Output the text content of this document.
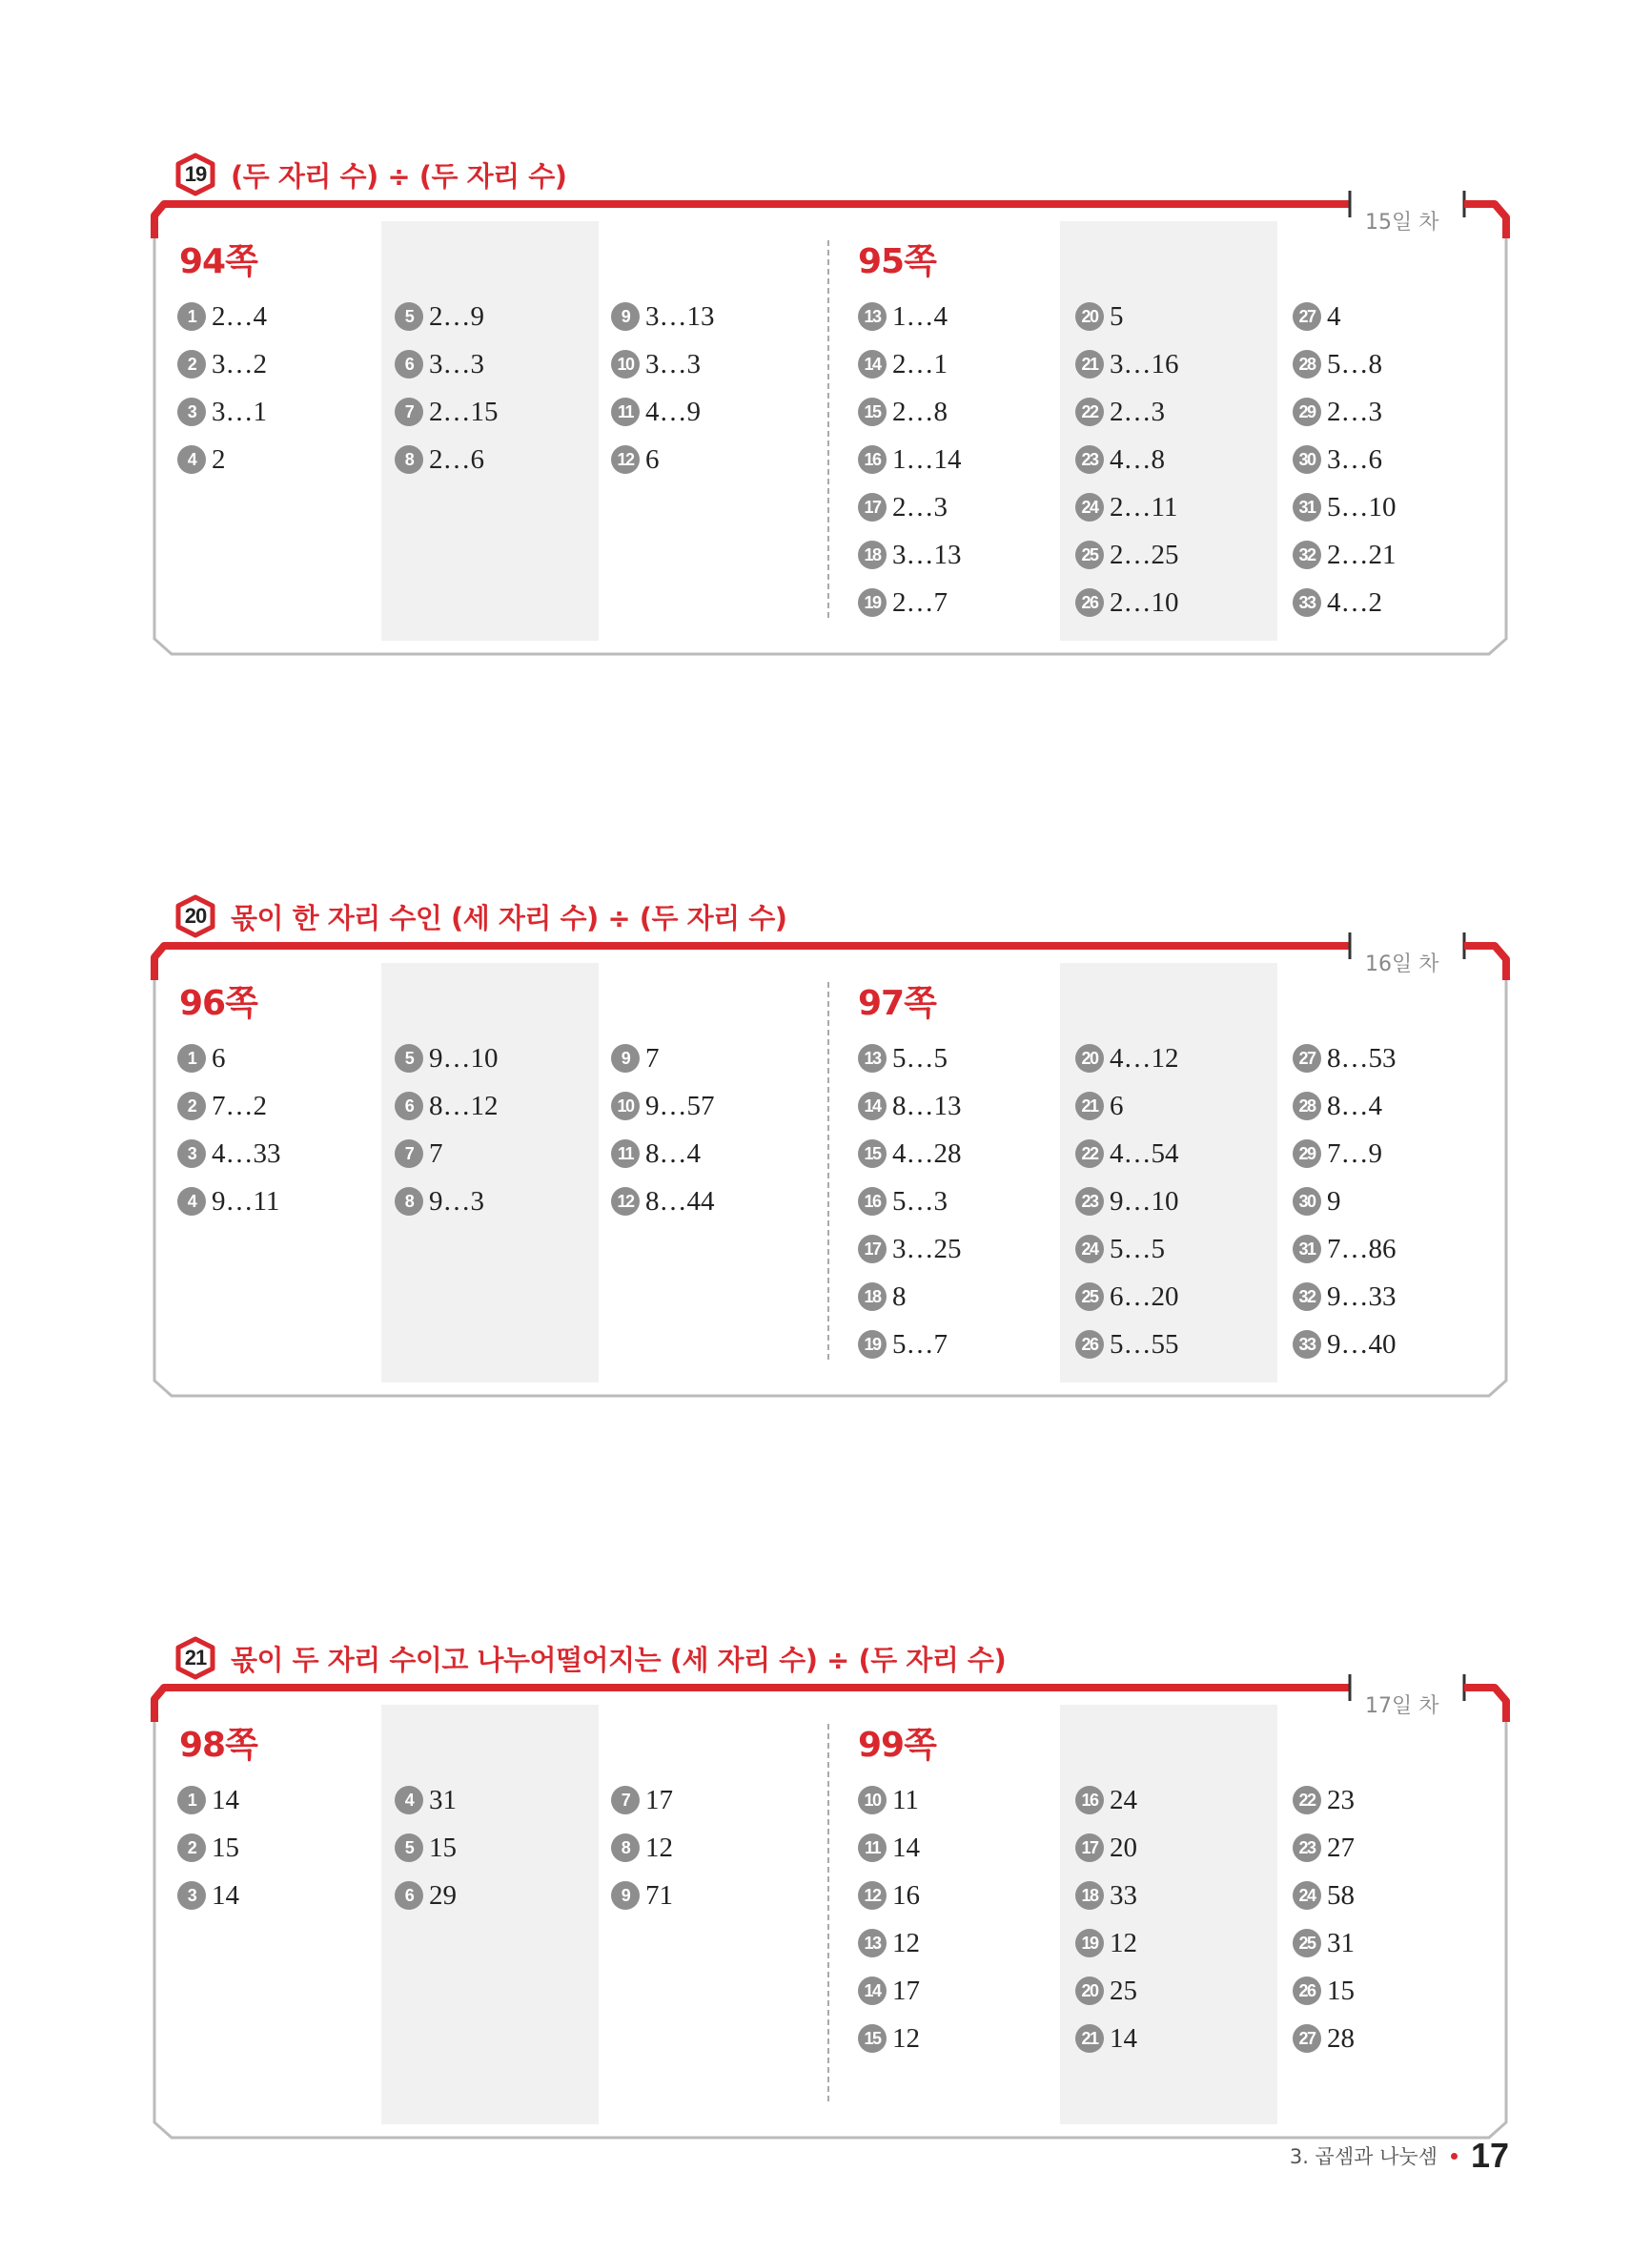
19 (두 자리 수) ÷ (두 자리 수)
15일 차
94쪽
1 2…4
2 3…2
3 3…1
4 2
5 2…9
6 3…3
7 2…15
8 2…6
9 3…13
10 3…3
11 4…9
12 6
95쪽
13 1…4
14 2…1
15 2…8
16 1…14
17 2…3
18 3…13
19 2…7
20 5
21 3…16
22 2…3
23 4…8
24 2…11
25 2…25
26 2…10
27 4
28 5…8
29 2…3
30 3…6
31 5…10
32 2…21
33 4…2
20 몫이 한 자리 수인 (세 자리 수) ÷ (두 자리 수)
16일 차
96쪽
1 6
2 7…2
3 4…33
4 9…11
5 9…10
6 8…12
7 7
8 9…3
9 7
10 9…57
11 8…4
12 8…44
97쪽
13 5…5
14 8…13
15 4…28
16 5…3
17 3…25
18 8
19 5…7
20 4…12
21 6
22 4…54
23 9…10
24 5…5
25 6…20
26 5…55
27 8…53
28 8…4
29 7…9
30 9
31 7…86
32 9…33
33 9…40
21 몫이 두 자리 수이고 나누어떨어지는 (세 자리 수) ÷ (두 자리 수)
17일 차
98쪽
1 14
2 15
3 14
4 31
5 15
6 29
7 17
8 12
9 71
99쪽
10 11
11 14
12 16
13 12
14 17
15 12
16 24
17 20
18 33
19 12
20 25
21 14
22 23
23 27
24 58
25 31
26 15
27 28
3. 곱셈과 나눗셈 17
